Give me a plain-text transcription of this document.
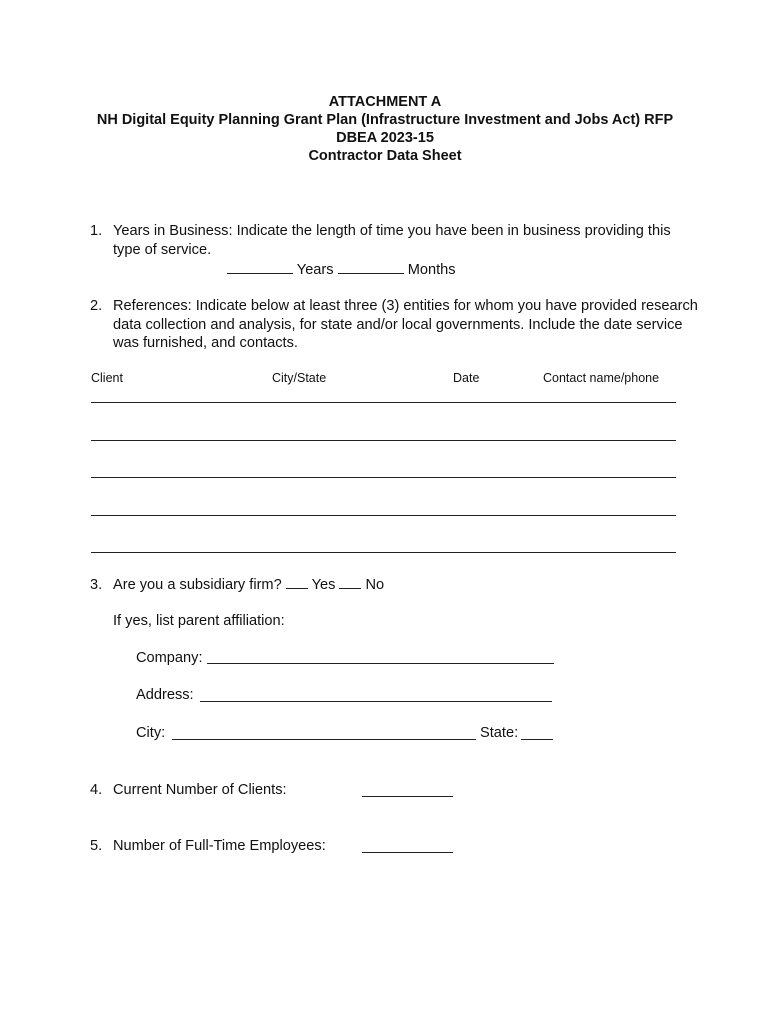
ATTACHMENT A
NH Digital Equity Planning Grant Plan (Infrastructure Investment and Jobs Act) RFP
DBEA 2023-15
Contractor Data Sheet
1. Years in Business: Indicate the length of time you have been in business providing this
type of service.
Years	Months
2. References: Indicate below at least three (3) entities for whom you have provided research
data collection and analysis, for state and/or local governments. Include the date service
was furnished, and contacts.
Client	City/State	Date	Contact name/phone
3. Are you a subsidiary firm? Yes No
If yes, list parent affiliation:
Company:
Address:
City:	State:
4. Current Number of Clients:
5. Number of Full-Time Employees:
